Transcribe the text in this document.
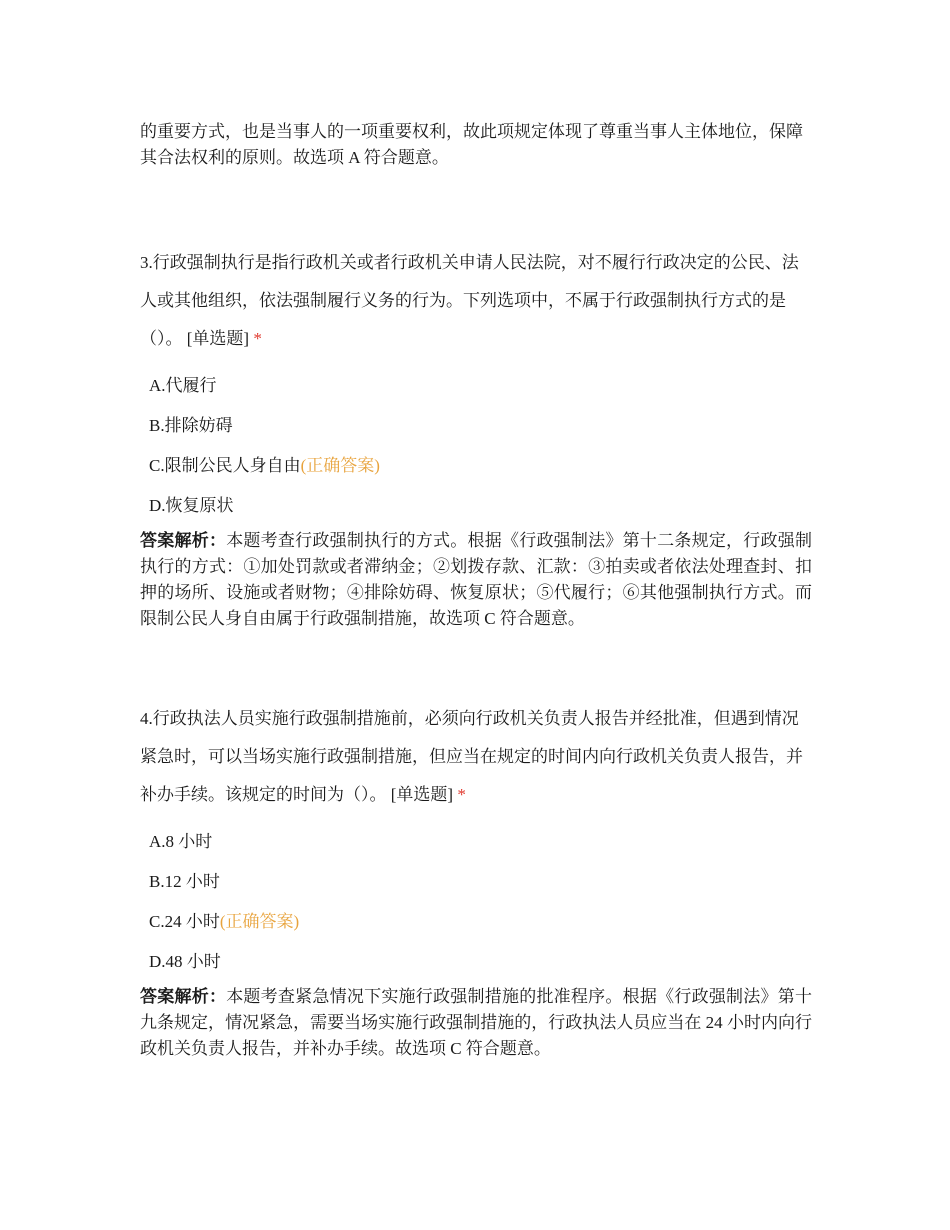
的重要方式，也是当事人的一项重要权利，故此项规定体现了尊重当事人主体地位，保障其合法权利的原则。故选项 A 符合题意。

3.行政强制执行是指行政机关或者行政机关申请人民法院，对不履行行政决定的公民、法人或其他组织，依法强制履行义务的行为。下列选项中，不属于行政强制执行方式的是（）。 [单选题] *

A.代履行
B.排除妨碍
C.限制公民人身自由(正确答案)
D.恢复原状

答案解析：本题考查行政强制执行的方式。根据《行政强制法》第十二条规定，行政强制执行的方式：①加处罚款或者滞纳金；②划拨存款、汇款：③拍卖或者依法处理查封、扣押的场所、设施或者财物；④排除妨碍、恢复原状；⑤代履行；⑥其他强制执行方式。而限制公民人身自由属于行政强制措施，故选项 C 符合题意。

4.行政执法人员实施行政强制措施前，必须向行政机关负责人报告并经批准，但遇到情况紧急时，可以当场实施行政强制措施，但应当在规定的时间内向行政机关负责人报告，并补办手续。该规定的时间为（）。 [单选题] *

A.8 小时
B.12 小时
C.24 小时(正确答案)
D.48 小时

答案解析：本题考查紧急情况下实施行政强制措施的批准程序。根据《行政强制法》第十九条规定，情况紧急，需要当场实施行政强制措施的，行政执法人员应当在 24 小时内向行政机关负责人报告，并补办手续。故选项 C 符合题意。
